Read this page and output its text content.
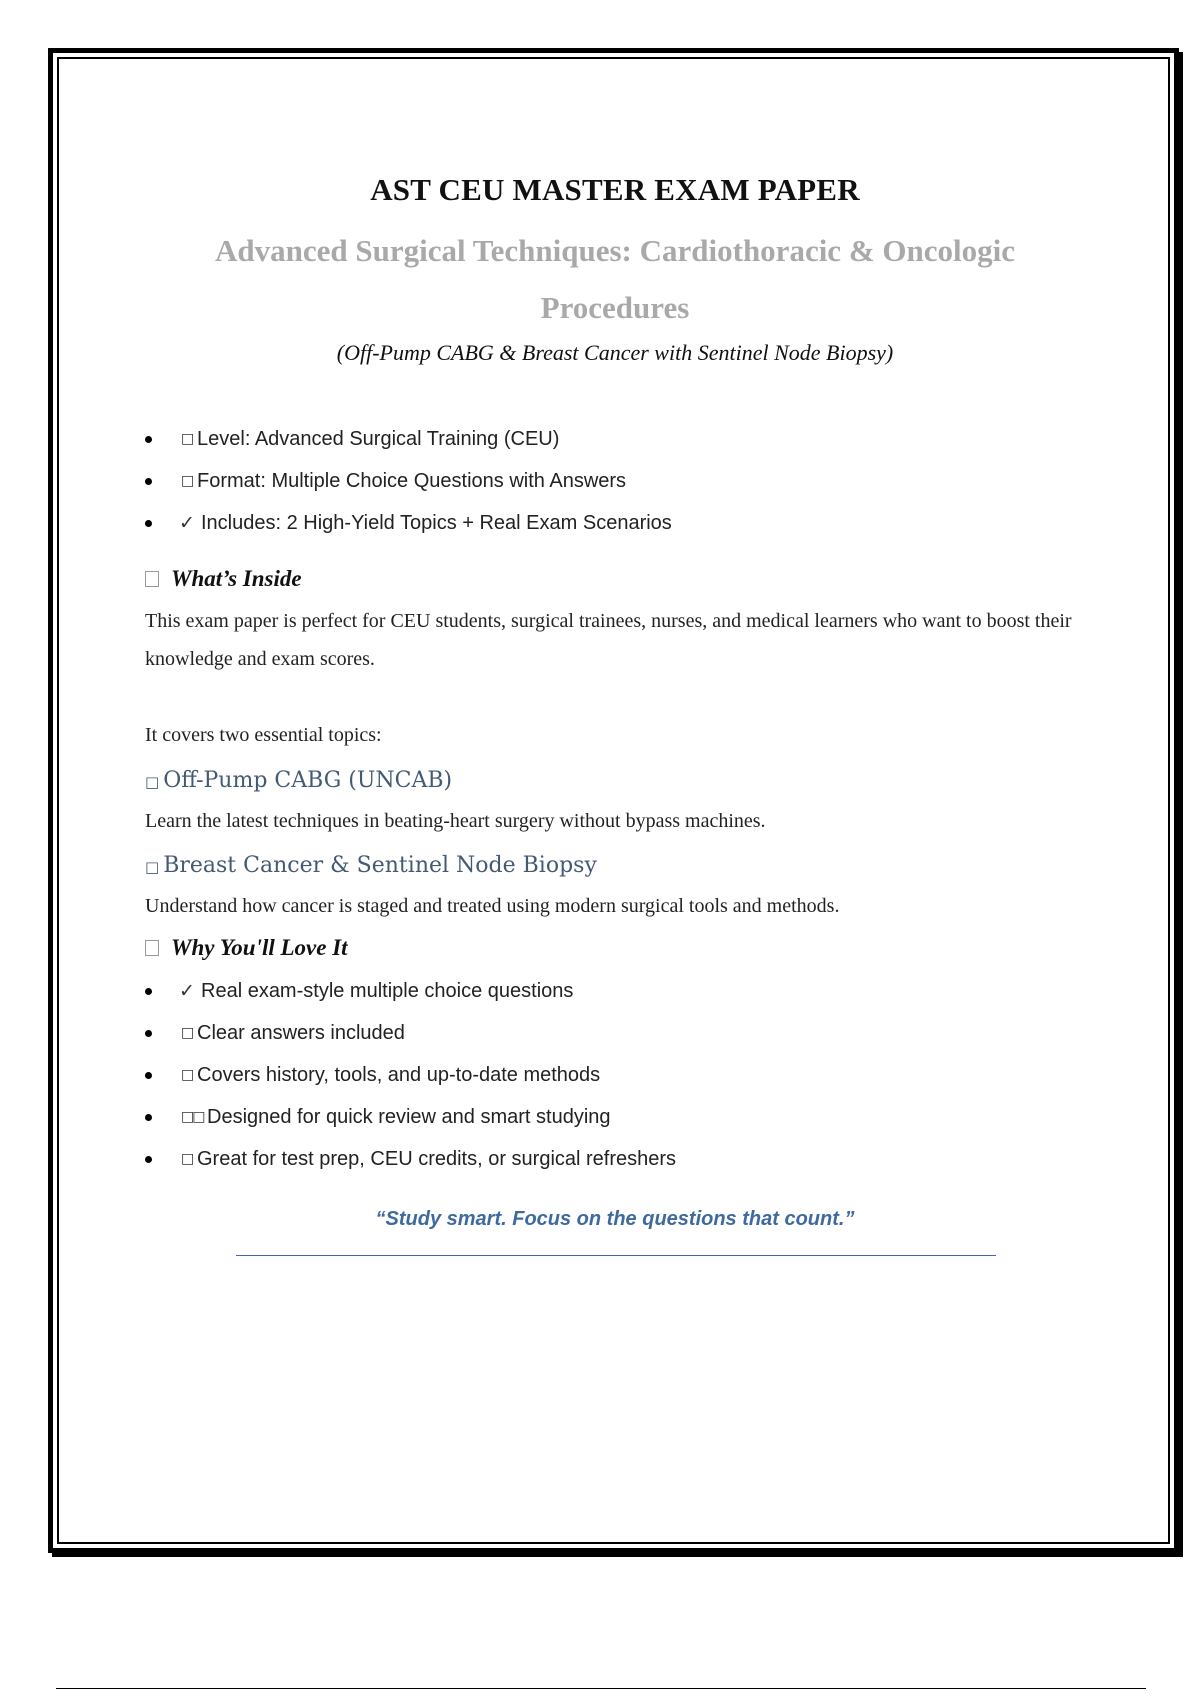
AST CEU MASTER EXAM PAPER
Advanced Surgical Techniques: Cardiothoracic & Oncologic Procedures
(Off-Pump CABG & Breast Cancer with Sentinel Node Biopsy)
□ Level: Advanced Surgical Training (CEU)
□ Format: Multiple Choice Questions with Answers
✓ Includes: 2 High-Yield Topics + Real Exam Scenarios
What’s Inside
This exam paper is perfect for CEU students, surgical trainees, nurses, and medical learners who want to boost their knowledge and exam scores.
It covers two essential topics:
□ Off-Pump CABG (UNCAB)
Learn the latest techniques in beating-heart surgery without bypass machines.
□ Breast Cancer & Sentinel Node Biopsy
Understand how cancer is staged and treated using modern surgical tools and methods.
Why You'll Love It
✓ Real exam-style multiple choice questions
□ Clear answers included
□ Covers history, tools, and up-to-date methods
□□ Designed for quick review and smart studying
□ Great for test prep, CEU credits, or surgical refreshers
“Study smart. Focus on the questions that count.”
